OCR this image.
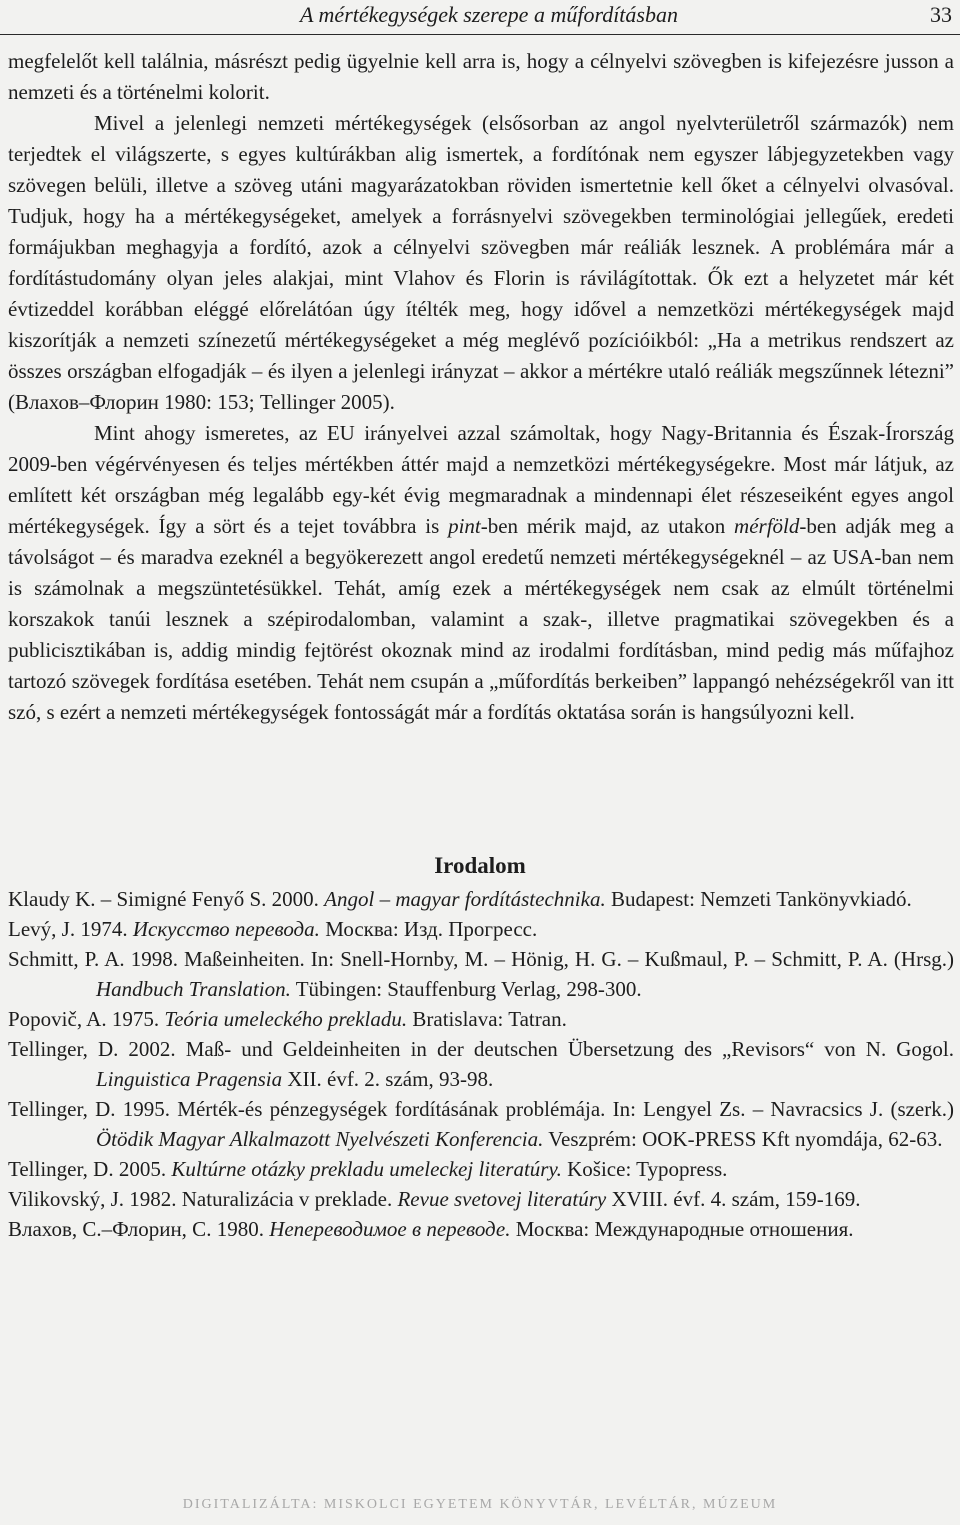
A mértékegységek szerepe a műfordításban	33

megfelelőt kell találnia, másrészt pedig ügyelnie kell arra is, hogy a célnyelvi szövegben is kifejezésre jusson a nemzeti és a történelmi kolorit.

Mivel a jelenlegi nemzeti mértékegységek (elsősorban az angol nyelvterületről származók) nem terjedtek el világszerte, s egyes kultúrákban alig ismertek, a fordítónak nem egyszer lábjegyzetekben vagy szövegen belüli, illetve a szöveg utáni magyarázatokban röviden ismertetnie kell őket a célnyelvi olvasóval. Tudjuk, hogy ha a mértékegységeket, amelyek a forrásnyelvi szövegekben terminológiai jellegűek, eredeti formájukban meghagyja a fordító, azok a célnyelvi szövegben már reáliák lesznek. A problémára már a fordítástudomány olyan jeles alakjai, mint Vlahov és Florin is rávilágítottak. Ők ezt a helyzetet már két évtizeddel korábban eléggé előrelátóan úgy ítélték meg, hogy idővel a nemzetközi mértékegységek majd kiszorítják a nemzeti színezetű mértékegységeket a még meglévő pozícióikból: „Ha a metrikus rendszert az összes országban elfogadják – és ilyen a jelenlegi irányzat – akkor a mértékre utaló reáliák megszűnnek létezni” (Влахов–Флорин 1980: 153; Tellinger 2005).

Mint ahogy ismeretes, az EU irányelvei azzal számoltak, hogy Nagy-Britannia és Észak-Írország 2009-ben végérvényesen és teljes mértékben áttér majd a nemzetközi mértékegységekre. Most már látjuk, az említett két országban még legalább egy-két évig megmaradnak a mindennapi élet részeseiként egyes angol mértékegységek. Így a sört és a tejet továbbra is pint-ben mérik majd, az utakon mérföld-ben adják meg a távolságot – és maradva ezeknél a begyökerezett angol eredetű nemzeti mértékegységeknél – az USA-ban nem is számolnak a megszüntetésükkel. Tehát, amíg ezek a mértékegységek nem csak az elmúlt történelmi korszakok tanúi lesznek a szépirodalomban, valamint a szak-, illetve pragmatikai szövegekben és a publicisztikában is, addig mindig fejtörést okoznak mind az irodalmi fordításban, mind pedig más műfajhoz tartozó szövegek fordítása esetében. Tehát nem csupán a „műfordítás berkeiben” lappangó nehézségekről van itt szó, s ezért a nemzeti mértékegységek fontosságát már a fordítás oktatása során is hangsúlyozni kell.

Irodalom

Klaudy K. – Simigné Fenyő S. 2000. Angol – magyar fordítástechnika. Budapest: Nemzeti Tankönyvkiadó.

Levý, J. 1974. Искусство перевода. Москва: Изд. Прогресс.

Schmitt, P. A. 1998. Maßeinheiten. In: Snell-Hornby, M. – Hönig, H. G. – Kußmaul, P. – Schmitt, P. A. (Hrsg.) Handbuch Translation. Tübingen: Stauffenburg Verlag, 298-300.

Popovič, A. 1975. Teória umeleckého prekladu. Bratislava: Tatran.

Tellinger, D. 2002. Maß- und Geldeinheiten in der deutschen Übersetzung des „Revisors“ von N. Gogol. Linguistica Pragensia XII. évf. 2. szám, 93-98.

Tellinger, D. 1995. Mérték-és pénzegységek fordításának problémája. In: Lengyel Zs. – Navracsics J. (szerk.) Ötödik Magyar Alkalmazott Nyelvészeti Konferencia. Veszprém: OOK-PRESS Kft nyomdája, 62-63.

Tellinger, D. 2005. Kultúrne otázky prekladu umeleckej literatúry. Košice: Typopress.

Vilikovský, J. 1982. Naturalizácia v preklade. Revue svetovej literatúry XVIII. évf. 4. szám, 159-169.

Влахов, С.–Флорин, С. 1980. Непереводимое в переводе. Москва: Международные отношения.

DIGITALIZÁLTA: MISKOLCI EGYETEM KÖNYVTÁR, LEVÉLTÁR, MÚZEUM
